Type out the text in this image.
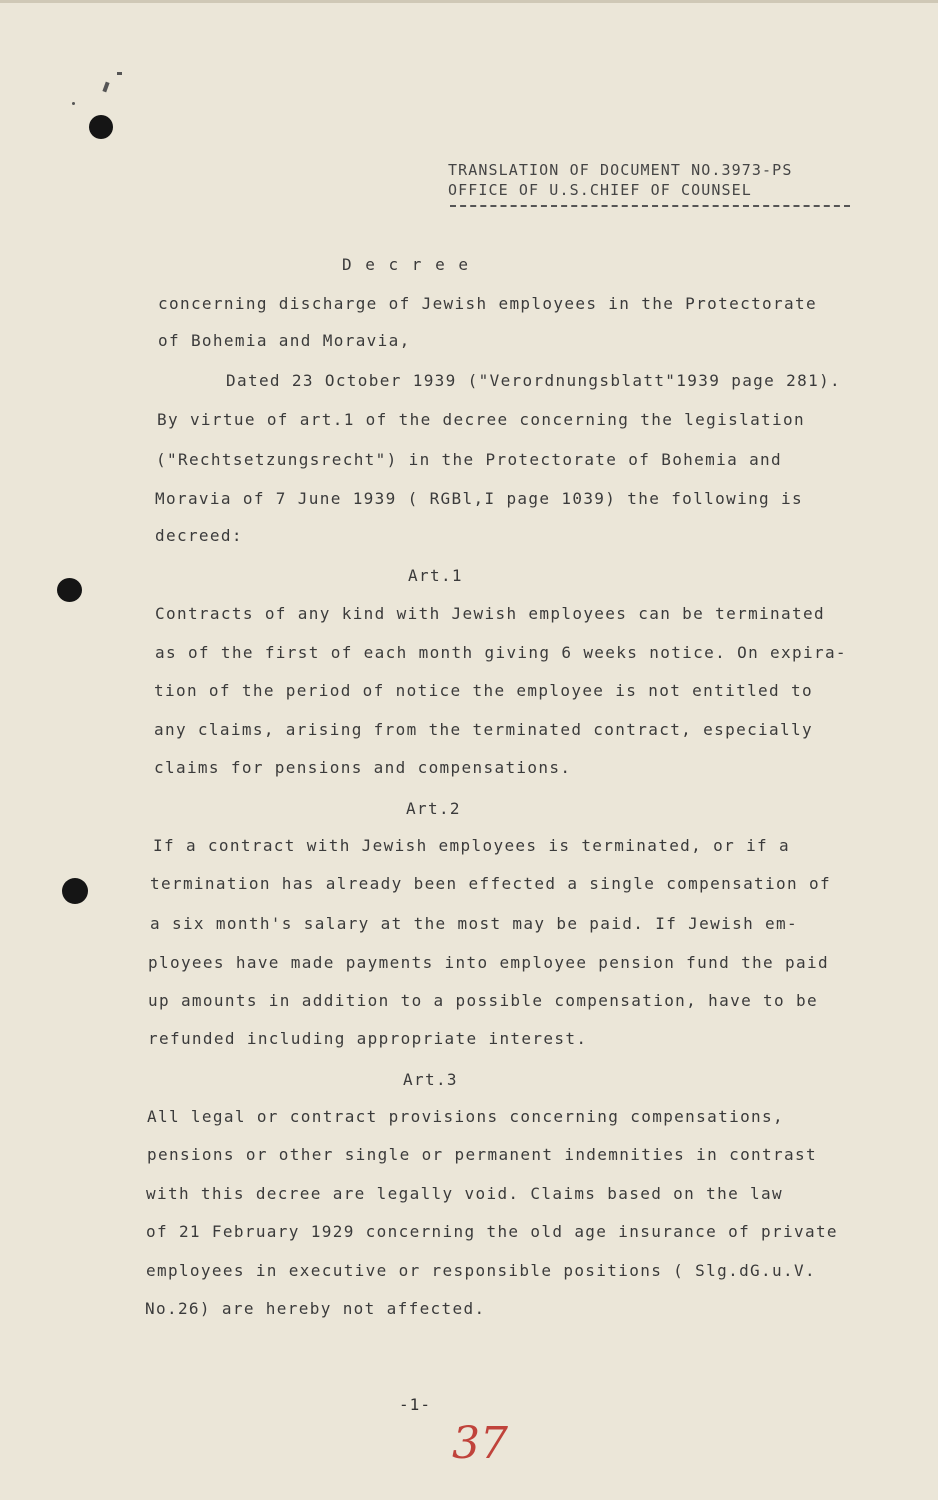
TRANSLATION OF DOCUMENT NO.3973-PS
OFFICE OF U.S.CHIEF OF COUNSEL
D e c r e e
concerning discharge of Jewish employees in the Protectorate
of Bohemia and Moravia,
Dated 23 October 1939 ("Verordnungsblatt"1939 page 281).
By virtue of art.1 of the decree concerning the legislation
("Rechtsetzungsrecht") in the Protectorate of Bohemia and
Moravia of 7 June 1939 ( RGBl,I page 1039) the following is
decreed:
Art.1
Contracts of any kind with Jewish employees can be terminated
as of the first of each month giving 6 weeks notice. On expira-
tion of the period of notice the employee is not entitled to
any claims, arising from the terminated contract, especially
claims for pensions and compensations.
Art.2
If a contract with Jewish employees is terminated, or if a
termination has already been effected a single compensation of
a six month's salary at the most may be paid. If Jewish em-
ployees have made payments into employee pension fund the paid
up amounts in addition to a possible compensation, have to be
refunded including appropriate interest.
Art.3
All legal or contract provisions concerning compensations,
pensions or other single or permanent indemnities in contrast
with this decree are legally void. Claims based on the law
of 21 February 1929 concerning the old age insurance of private
employees in executive or responsible positions ( Slg.dG.u.V.
No.26) are hereby not affected.
-1-
37
